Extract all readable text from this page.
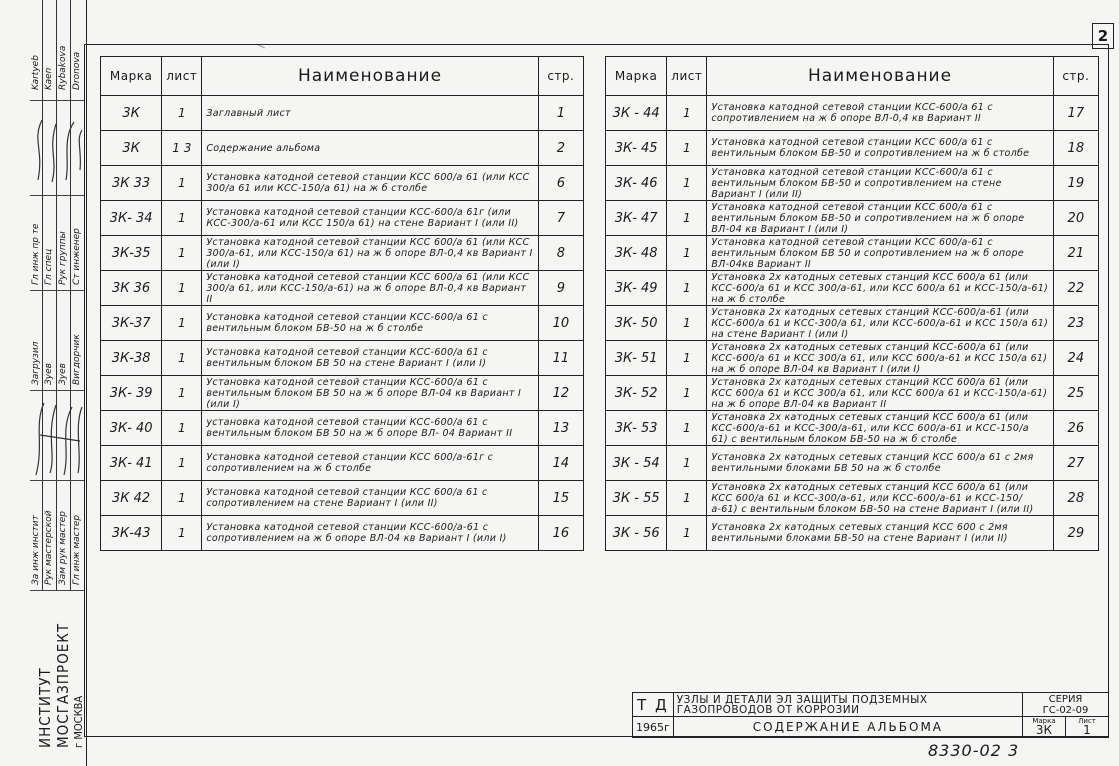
2
Kartyeb Kaen Rybakova Dronova
Гл инж пр те Гл спец Рук группы Ст инженер
Загрузил Зуев Зуев Вигдорчик
За инж инстит Рук мастерской Зам рук мастер Гл инж мастер
ИНСТИТУТ МОСГАЗПРОЕКТ г МОСКВА
Марка	лист	Наименование	стр.
3К	1	Заглавный лист	1
3К	1 3	Содержание альбома	2
3К 33	1	Установка катодной сетевой станции КСС 600/а 61 (или КСС 300/а 61 или КСС-150/а 61) на ж б столбе	6
3К- 34	1	Установка катодной сетевой станции КСС-600/а 61г (или КСС-300/а-61 или КСС 150/а 61) на стене Вариант I (или II)	7
3К-35	1	Установка катодной сетевой станции КСС 600/а 61 (или КСС 300/а-61, или КСС-150/а 61) на ж б опоре ВЛ-0,4 кв Вариант I (или I)	8
3К 36	1	Установка катодной сетевой станции КСС 600/а 61 (или КСС 300/а 61, или КСС-150/а-61) на ж б опоре ВЛ-0,4 кв Вариант II	9
3К-37	1	Установка катодной сетевой станции КСС-600/а 61 с вентильным блоком БВ-50 на ж б столбе	10
3К-38	1	Установка катодной сетевой станции КСС-600/а 61 с вентильным блоком БВ 50 на стене Вариант I (или I)	11
3К- 39	1	Установка катодной сетевой станции КСС-600/а 61 с вентильным блоком БВ 50 на ж б опоре ВЛ-04 кв Вариант I (или I)	12
3К- 40	1	установка катодной сетевой станции КСС-600/а 61 с вентильным блоком БВ 50 на ж б опоре ВЛ- 04 Вариант II	13
3К- 41	1	Установка катодной сетевой станции КСС 600/а-61г с сопротивлением на ж б столбе	14
3К 42	1	Установка катодной сетевой станции КСС 600/а 61 с сопротивлением на стене Вариант I (или II)	15
3К-43	1	Установка катодной сетевой станции КСС-600/а-61 с сопротивлением на ж б опоре ВЛ-04 кв Вариант I (или I)	16
Марка	лист	Наименование	стр.
3К - 44	1	Установка катодной сетевой станции КСС-600/а 61 с сопротивлением на ж б опоре ВЛ-0,4 кв Вариант II	17
3К- 45	1	Установка катодной сетевой станции КСС 600/а 61 с вентильным блоком БВ-50 и сопротивлением на ж б столбе	18
3К- 46	1	Установка катодной сетевой станции КСС-600/а 61 с вентильным блоком БВ-50 и сопротивлением на стене Вариант I (или II)	19
3К- 47	1	Установка катодной сетевой станции КСС 600/а 61 с вентильным блоком БВ-50 и сопротивлением на ж б опоре ВЛ-04 кв Вариант I (или I)	20
3К- 48	1	Установка катодной сетевой станции КСС 600/а-61 с вентильным блоком БВ 50 и сопротивлением на ж б опоре ВЛ-04кв Вариант II	21
3К- 49	1	Установка 2х катодных сетевых станций КСС 600/а 61 (или КСС-600/а 61 и КСС 300/а-61, или КСС 600/а 61 и КСС-150/а-61) на ж б столбе	22
3К- 50	1	Установка 2х катодных сетевых станций КСС-600/а-61 (или КСС-600/а 61 и КСС-300/а 61, или КСС-600/а-61 и КСС 150/а 61) на стене Вариант I (или I)	23
3К- 51	1	Установка 2х катодных сетевых станций КСС-600/а 61 (или КСС-600/а 61 и КСС 300/а 61, или КСС 600/а-61 и КСС 150/а 61) на ж б опоре ВЛ-04 кв Вариант I (или I)	24
3К- 52	1	Установка 2х катодных сетевых станций КСС 600/а 61 (или КСС 600/а 61 и КСС 300/а 61, или КСС 600/а 61 и КСС-150/а-61) на ж б опоре ВЛ-04 кв Вариант II	25
3К- 53	1	Установка 2х катодных сетевых станций КСС 600/а 61 (или КСС-600/а-61 и КСС-300/а-61, или КСС 600/а-61 и КСС-150/а 61) с вентильным блоком БВ-50 на ж б столбе	26
3К - 54	1	Установка 2х катодных сетевых станций КСС 600/а 61 с 2мя вентильными блоками БВ 50 на ж б столбе	27
3К - 55	1	Установка 2х катодных сетевых станций КСС 600/а 61 (или КСС 600/а 61 и КСС-300/а-61, или КСС-600/а-61 и КСС-150/а-61) с вентильным блоком БВ-50 на стене Вариант I (или II)	28
3К - 56	1	Установка 2х катодных сетевых станций КСС 600 с 2мя вентильными блоками БВ-50 на стене Вариант I (или II)	29
Т Д	УЗЛЫ И ДЕТАЛИ ЭЛ ЗАЩИТЫ ПОДЗЕМНЫХ
ГАЗОПРОВОДОВ ОТ КОРРОЗИИ	СЕРИЯ
ГС-02-09	
1965г	СОДЕРЖАНИЕ АЛЬБОМА	Марка
3К	Лист
1
8330-02 3
